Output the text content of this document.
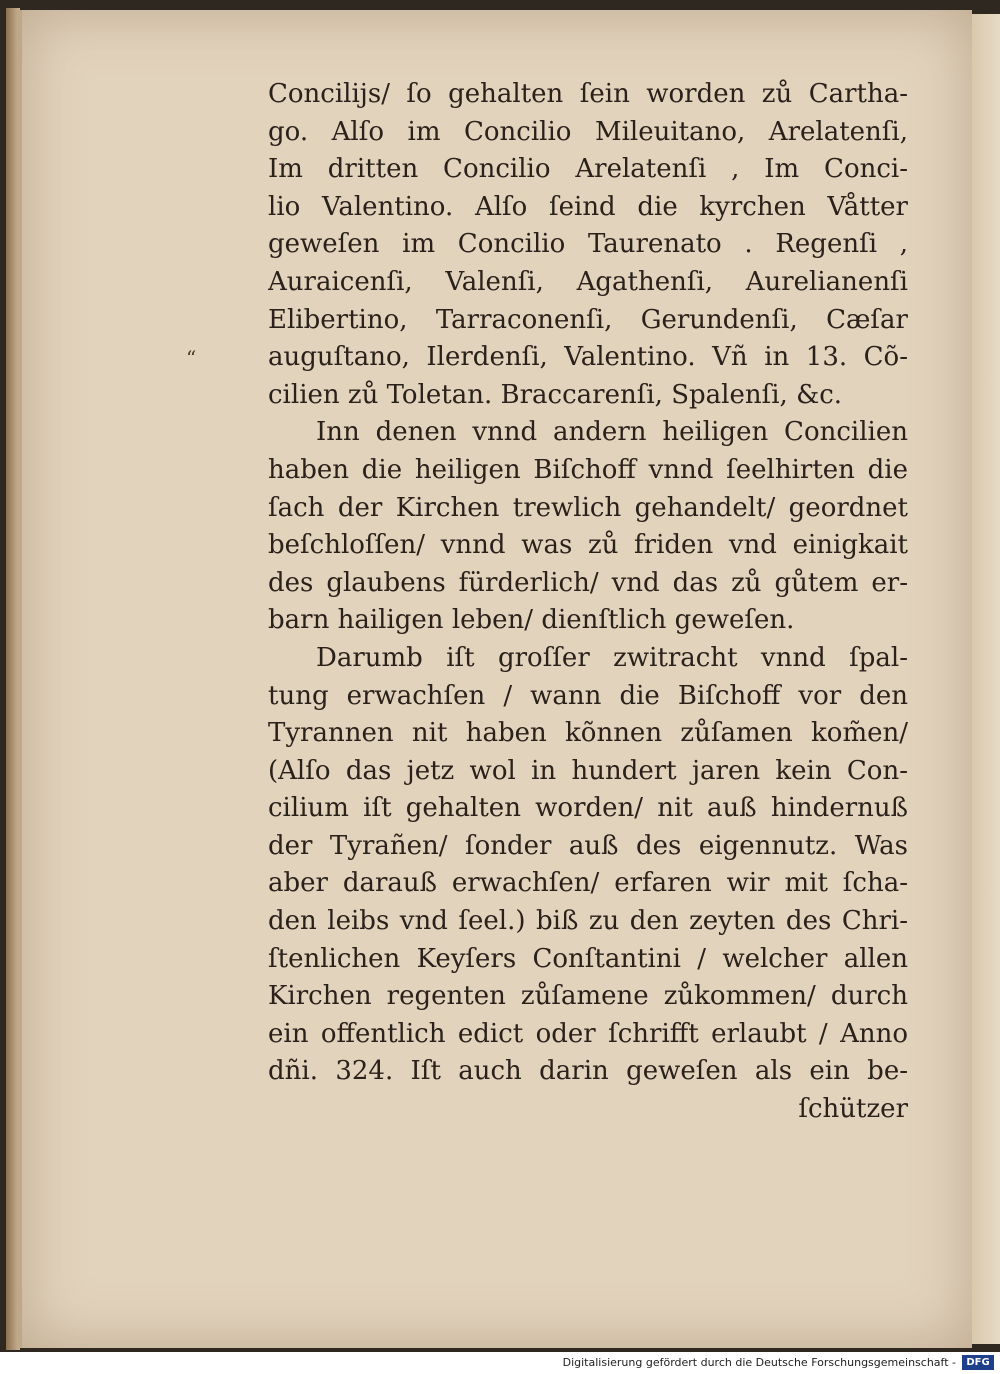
“
Concilijs/ ſo gehalten ſein worden zů Cartha-
go. Alſo im Concilio Mileuitano, Arelatenſi,
Im dritten Concilio Arelatenſi , Im Conci-
lio Valentino. Alſo ſeind die kyrchen Våtter
geweſen im Concilio Taurenato . Regenſi ,
Auraicenſi, Valenſi, Agathenſi, Aurelianenſi
Elibertino, Tarraconenſi, Gerundenſi, Cæſar
auguſtano, Ilerdenſi, Valentino. Vñ in 13. Cõ-
cilien zů Toletan. Braccarenſi, Spalenſi, &c.
Inn denen vnnd andern heiligen Concilien
haben die heiligen Biſchoff vnnd ſeelhirten die
ſach der Kirchen trewlich gehandelt/ geordnet
beſchloſſen/ vnnd was zů friden vnd einigkait
des glaubens fürderlich/ vnd das zů gůtem er-
barn hailigen leben/ dienſtlich geweſen.
Darumb iſt groſſer zwitracht vnnd ſpal-
tung erwachſen / wann die Biſchoff vor den
Tyrannen nit haben kõnnen zůſamen kom̃en/
(Alſo das jetz wol in hundert jaren kein Con-
cilium iſt gehalten worden/ nit auß hindernuß
der Tyrañen/ ſonder auß des eigennutz. Was
aber darauß erwachſen/ erfaren wir mit ſcha-
den leibs vnd ſeel.) biß zu den zeyten des Chri-
ſtenlichen Keyſers Conſtantini / welcher allen
Kirchen regenten zůſamene zůkommen/ durch
ein offentlich edict oder ſchrifft erlaubt / Anno
dñi. 324. Iſt auch darin geweſen als ein be-
ſchützer
Digitalisierung gefördert durch die Deutsche Forschungsgemeinschaft -	DFG
